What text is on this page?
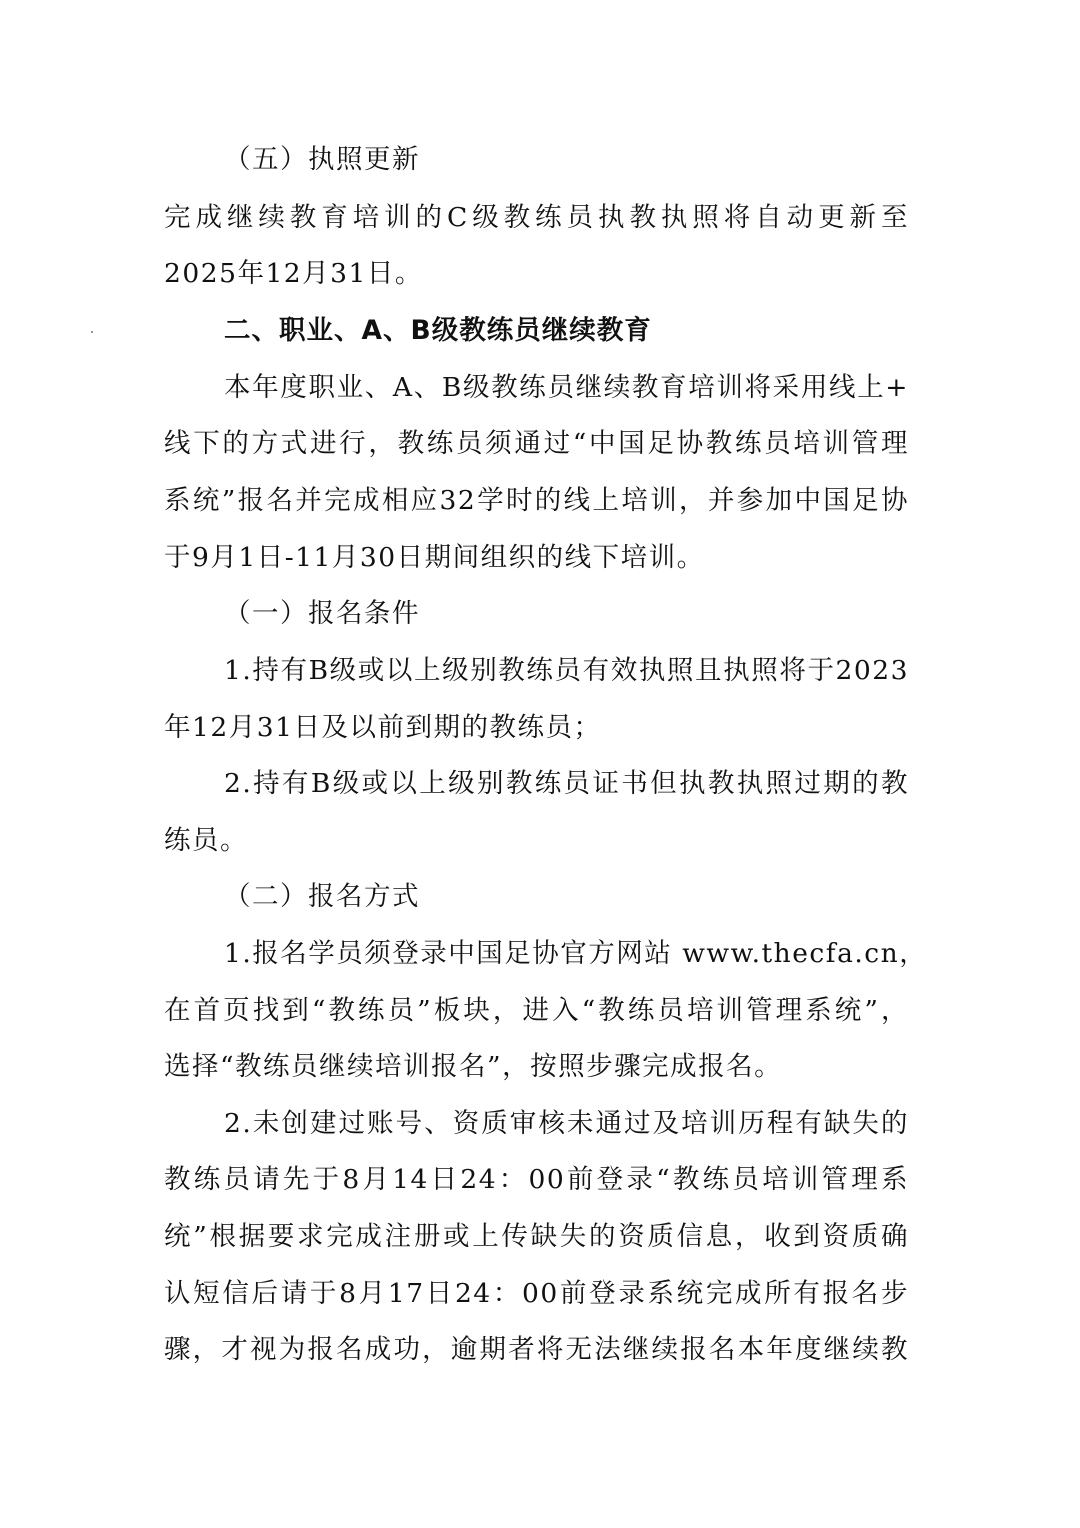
（五）执照更新
完成继续教育培训的C级教练员执教执照将自动更新至
2025年12月31日。
二、职业、A、B级教练员继续教育
本年度职业、A、B级教练员继续教育培训将采用线上+
线下的方式进行，教练员须通过“中国足协教练员培训管理
系统”报名并完成相应32学时的线上培训，并参加中国足协
于9月1日-11月30日期间组织的线下培训。
（一）报名条件
1.持有B级或以上级别教练员有效执照且执照将于2023
年12月31日及以前到期的教练员；
2.持有B级或以上级别教练员证书但执教执照过期的教
练员。
（二）报名方式
1.报名学员须登录中国足协官方网站 www.thecfa.cn，
在首页找到“教练员”板块，进入“教练员培训管理系统”，
选择“教练员继续培训报名”，按照步骤完成报名。
2.未创建过账号、资质审核未通过及培训历程有缺失的
教练员请先于8月14日24：00前登录“教练员培训管理系
统”根据要求完成注册或上传缺失的资质信息，收到资质确
认短信后请于8月17日24：00前登录系统完成所有报名步
骤，才视为报名成功，逾期者将无法继续报名本年度继续教
